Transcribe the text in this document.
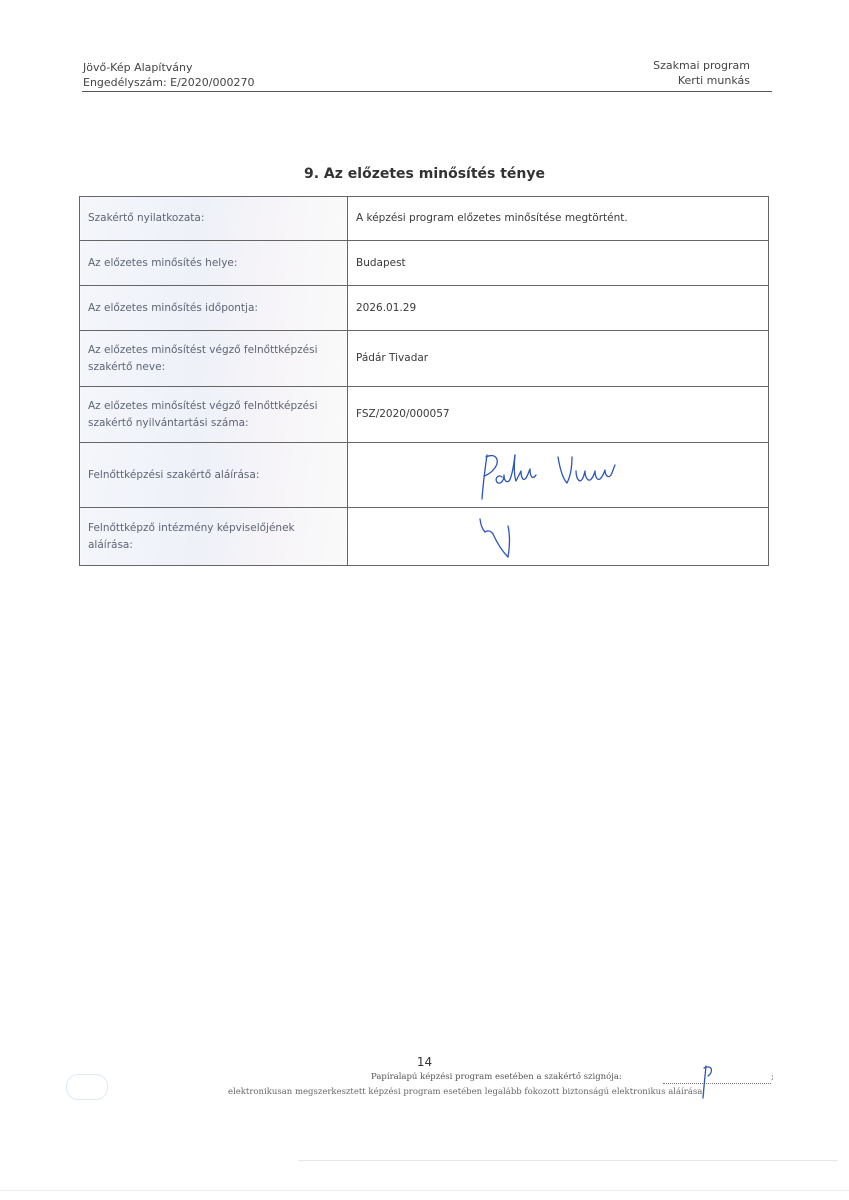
Jövő-Kép Alapítvány
Engedélyszám: E/2020/000270
Szakmai program
Kerti munkás
9. Az előzetes minősítés ténye
Szakértő nyilatkozata:	A képzési program előzetes minősítése megtörtént.
Az előzetes minősítés helye:	Budapest
Az előzetes minősítés időpontja:	2026.01.29
Az előzetes minősítést végző felnőttképzési szakértő neve:	Pádár Tivadar
Az előzetes minősítést végző felnőttképzési szakértő nyilvántartási száma:	FSZ/2020/000057
Felnőttképzési szakértő aláírása:	

Felnőttképző intézmény képviselőjének aláírása:	
14
Papíralapú képzési program esetében a szakértő szignója:	;
elektronikusan megszerkesztett képzési program esetében legalább fokozott biztonságú elektronikus aláírása.
